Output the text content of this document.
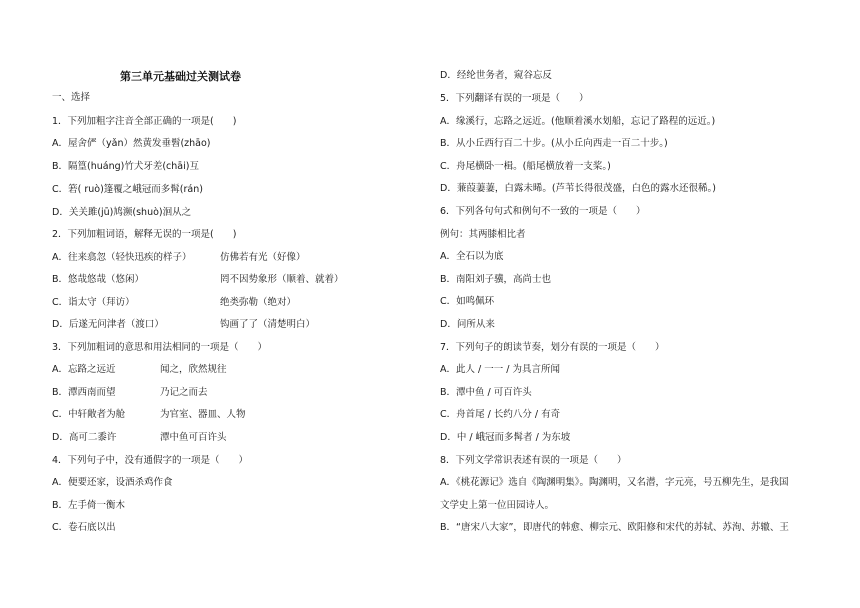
第三单元基础过关测试卷
一、选择
1．下列加粗字注音全部正确的一项是(  )
A．屋舍俨（yǎn）然黄发垂髫(zhāo)
B．隔篁(huáng)竹犬牙差(chāi)互
C．箬( ruò)篷覆之峨冠而多髯(rán)
D．关关雎(jū)鸠濒(shuò)洄从之
2．下列加粗词语，解释无误的一项是(  )
A．往来翕忽（轻快迅疾的样子）	仿佛若有光（好像）
B．悠哉悠哉（悠闲）	罔不因势象形（顺着、就着）
C．诣太守（拜访）	绝类弥勒（绝对）
D．后遂无问津者（渡口）	钩画了了（清楚明白）
3．下列加粗词的意思和用法相同的一项是（  ）
A．忘路之远近	闻之，欣然规往
B．潭西南而望	乃记之而去
C．中轩敞者为舱	为官室、器皿、人物
D．高可二黍许	潭中鱼可百许头
4．下列句子中，没有通假字的一项是（  ）
A．便要还家，设酒杀鸡作食
B．左手倚一衡木
C．卷石底以出
D．经纶世务者，窥谷忘反
5．下列翻译有误的一项是（  ）
A．缘溪行，忘路之远近。(他顺着溪水划船，忘记了路程的远近。)
B．从小丘西行百二十步。(从小丘向西走一百二十步。)
C．舟尾横卧一楫。(船尾横放着一支桨。)
D．蒹葭萋萋，白露未晞。(芦苇长得很茂盛，白色的露水还很稀。)
6．下列各句句式和例句不一致的一项是（  ）
例句：其两膝相比者
A．全石以为底
B．南阳刘子骥，高尚士也
C．如鸣佩环
D．问所从来
7．下列句子的朗读节奏，划分有误的一项是（  ）
A．此人 / 一一 / 为具言所闻
B．潭中鱼 / 可百许头
C．舟首尾 / 长约八分 / 有奇
D．中 / 峨冠而多髯者 / 为东坡
8．下列文学常识表述有误的一项是（  ）
A．《桃花源记》选自《陶渊明集》。陶渊明，又名潜，字元亮，号五柳先生，是我国
文学史上第一位田园诗人。
B．“唐宋八大家”，即唐代的韩愈、柳宗元、欧阳修和宋代的苏轼、苏洵、苏辙、王
